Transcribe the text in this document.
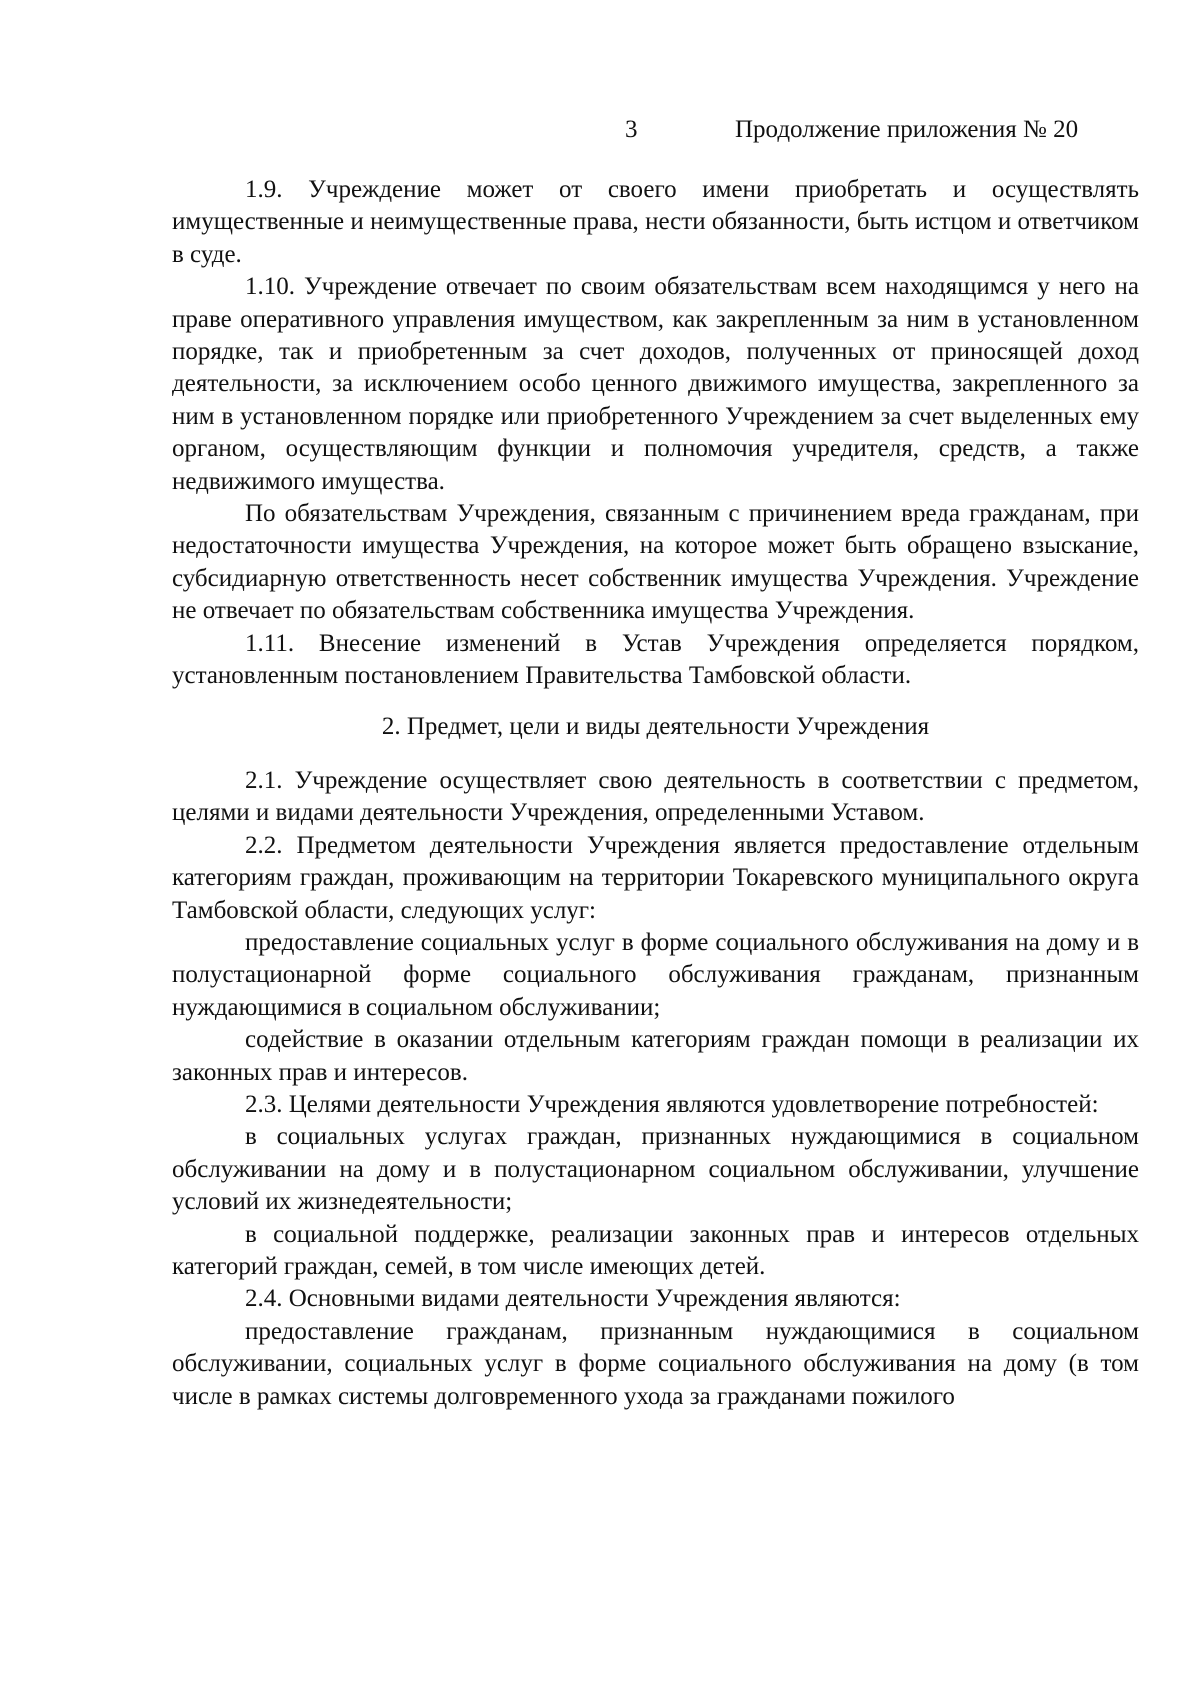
3	Продолжение приложения № 20

1.9. Учреждение может от своего имени приобретать и осуществлять имущественные и неимущественные права, нести обязанности, быть истцом и ответчиком в суде.

1.10. Учреждение отвечает по своим обязательствам всем находящимся у него на праве оперативного управления имуществом, как закрепленным за ним в установленном порядке, так и приобретенным за счет доходов, полученных от приносящей доход деятельности, за исключением особо ценного движимого имущества, закрепленного за ним в установленном порядке или приобретенного Учреждением за счет выделенных ему органом, осуществляющим функции и полномочия учредителя, средств, а также недвижимого имущества.

По обязательствам Учреждения, связанным с причинением вреда гражданам, при недостаточности имущества Учреждения, на которое может быть обращено взыскание, субсидиарную ответственность несет собственник имущества Учреждения. Учреждение не отвечает по обязательствам собственника имущества Учреждения.

1.11. Внесение изменений в Устав Учреждения определяется порядком, установленным постановлением Правительства Тамбовской области.

2. Предмет, цели и виды деятельности Учреждения

2.1. Учреждение осуществляет свою деятельность в соответствии с предметом, целями и видами деятельности Учреждения, определенными Уставом.

2.2. Предметом деятельности Учреждения является предоставление отдельным категориям граждан, проживающим на территории Токаревского муниципального округа Тамбовской области, следующих услуг:

предоставление социальных услуг в форме социального обслуживания на дому и в полустационарной форме социального обслуживания гражданам, признанным нуждающимися в социальном обслуживании;

содействие в оказании отдельным категориям граждан помощи в реализации их законных прав и интересов.

2.3. Целями деятельности Учреждения являются удовлетворение потребностей:

в социальных услугах граждан, признанных нуждающимися в социальном обслуживании на дому и в полустационарном социальном обслуживании, улучшение условий их жизнедеятельности;

в социальной поддержке, реализации законных прав и интересов отдельных категорий граждан, семей, в том числе имеющих детей.

2.4. Основными видами деятельности Учреждения являются:

предоставление гражданам, признанным нуждающимися в социальном обслуживании, социальных услуг в форме социального обслуживания на дому (в том числе в рамках системы долговременного ухода за гражданами пожилого
